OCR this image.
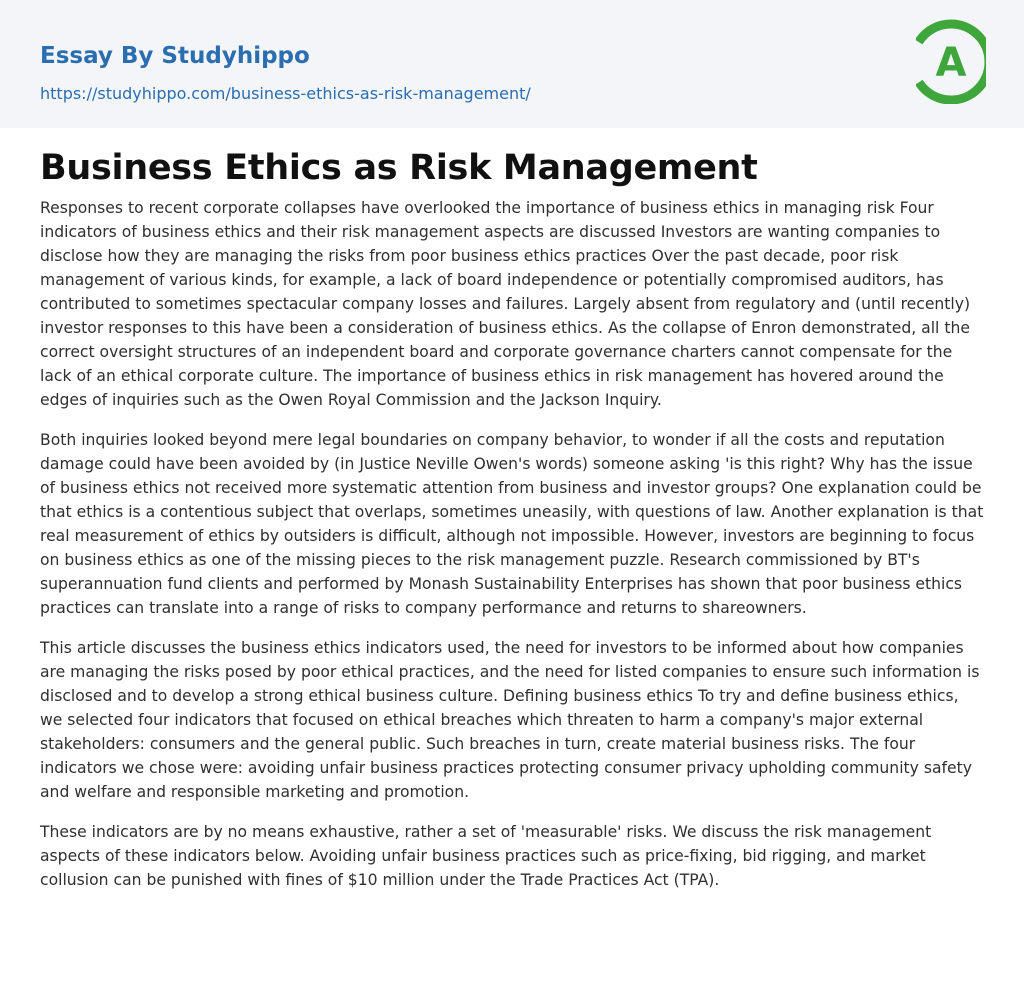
Essay By Studyhippo
https://studyhippo.com/business-ethics-as-risk-management/
A
Business Ethics as Risk Management

Responses to recent corporate collapses have overlooked the importance of business ethics in managing risk Four indicators of business ethics and their risk management aspects are discussed Investors are wanting companies to disclose how they are managing the risks from poor business ethics practices Over the past decade, poor risk management of various kinds, for example, a lack of board independence or potentially compromised auditors, has contributed to sometimes spectacular company losses and failures. Largely absent from regulatory and (until recently) investor responses to this have been a consideration of business ethics. As the collapse of Enron demonstrated, all the correct oversight structures of an independent board and corporate governance charters cannot compensate for the lack of an ethical corporate culture. The importance of business ethics in risk management has hovered around the edges of inquiries such as the Owen Royal Commission and the Jackson Inquiry.

Both inquiries looked beyond mere legal boundaries on company behavior, to wonder if all the costs and reputation damage could have been avoided by (in Justice Neville Owen's words) someone asking 'is this right? Why has the issue of business ethics not received more systematic attention from business and investor groups? One explanation could be that ethics is a contentious subject that overlaps, sometimes uneasily, with questions of law. Another explanation is that real measurement of ethics by outsiders is difficult, although not impossible. However, investors are beginning to focus on business ethics as one of the missing pieces to the risk management puzzle. Research commissioned by BT's superannuation fund clients and performed by Monash Sustainability Enterprises has shown that poor business ethics practices can translate into a range of risks to company performance and returns to shareowners.

This article discusses the business ethics indicators used, the need for investors to be informed about how companies are managing the risks posed by poor ethical practices, and the need for listed companies to ensure such information is disclosed and to develop a strong ethical business culture. Defining business ethics To try and define business ethics, we selected four indicators that focused on ethical breaches which threaten to harm a company's major external stakeholders: consumers and the general public. Such breaches in turn, create material business risks. The four indicators we chose were: avoiding unfair business practices protecting consumer privacy upholding community safety and welfare and responsible marketing and promotion.

These indicators are by no means exhaustive, rather a set of 'measurable' risks. We discuss the risk management aspects of these indicators below. Avoiding unfair business practices such as price-fixing, bid rigging, and market collusion can be punished with fines of $10 million under the Trade Practices Act (TPA).
